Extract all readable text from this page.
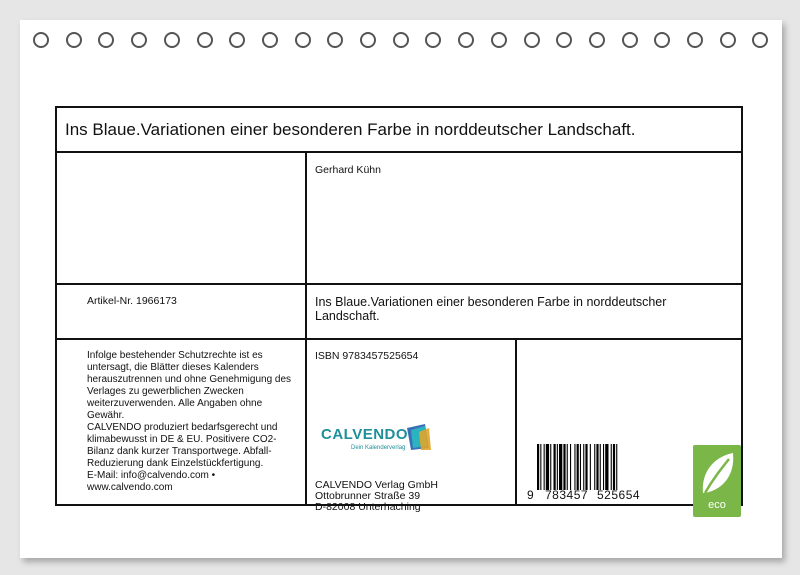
Ins Blaue.Variationen einer besonderen Farbe in norddeutscher Landschaft.
Gerhard Kühn
Artikel-Nr. 1966173	Ins Blaue.Variationen einer besonderen Farbe in norddeutscher Landschaft.
Infolge bestehender Schutzrechte ist es
untersagt, die Blätter dieses Kalenders
herauszutrennen und ohne Genehmigung des
Verlages zu gewerblichen Zwecken
weiterzuverwenden. Alle Angaben ohne
Gewähr.
CALVENDO produziert bedarfsgerecht und
klimabewusst in DE & EU. Positivere CO2-
Bilanz dank kurzer Transportwege. Abfall-
Reduzierung dank Einzelstückfertigung.
E-Mail: info@calvendo.com •
www.calvendo.com
ISBN 9783457525654
CALVENDO
Dein Kalenderverlag
CALVENDO Verlag GmbH
Ottobrunner Straße 39
D-82008 Unterhaching
9 783457 525654
eco
